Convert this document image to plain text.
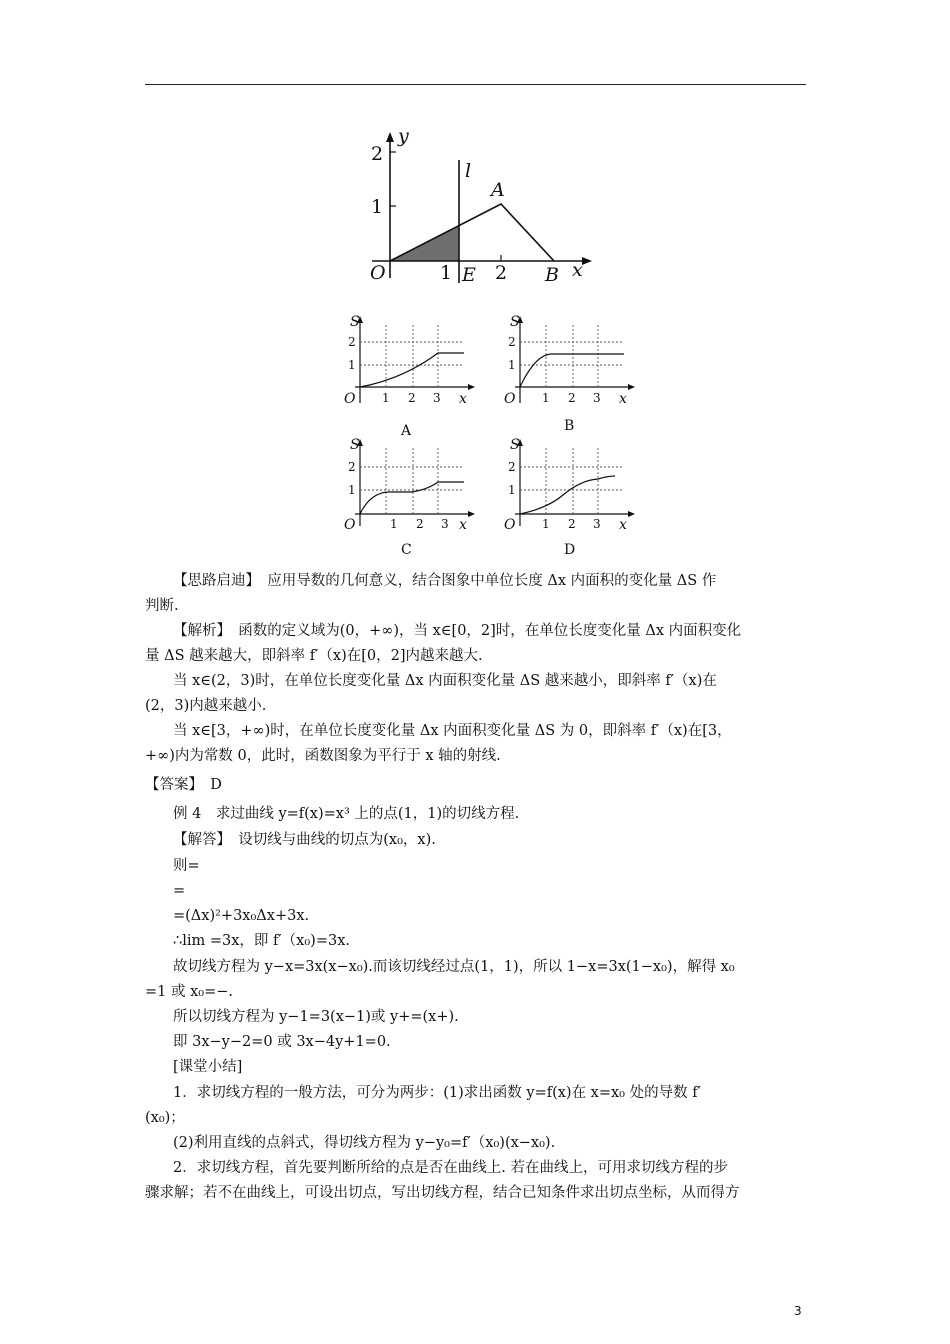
y
l
A
O	E	B x
2
1
1 2
S
2
1
O 1 2 3 x
A
S
2
1
O 1 2 3 x
B
S
2
1
O	1 2 3 x
C
S
2
1
O 1 2 3 x
D
【思路启迪】　应用导数的几何意义，结合图象中单位长度 Δx 内面积的变化量 ΔS 作
判断.
【解析】　函数的定义域为(0，+∞)，当 x∈[0，2]时，在单位长度变化量 Δx 内面积变化
量 ΔS 越来越大，即斜率 f′（x)在[0，2]内越来越大.
当 x∈(2，3)时，在单位长度变化量 Δx 内面积变化量 ΔS 越来越小，即斜率 f′（x)在
(2，3)内越来越小.
当 x∈[3，+∞)时，在单位长度变化量 Δx 内面积变化量 ΔS 为 0，即斜率 f′（x)在[3，
+∞)内为常数 0，此时，函数图象为平行于 x 轴的射线.
【答案】　D
例 4　求过曲线 y=f(x)=x³ 上的点(1，1)的切线方程.
【解答】　设切线与曲线的切点为(x₀，x).
则=
=
=(Δx)²+3x₀Δx+3x.
∴lim =3x，即 f′（x₀)=3x.
故切线方程为 y−x=3x(x−x₀).而该切线经过点(1，1)，所以 1−x=3x(1−x₀)，解得 x₀
=1 或 x₀=−.
所以切线方程为 y−1=3(x−1)或 y+=(x+).
即 3x−y−2=0 或 3x−4y+1=0.
[课堂小结]
1．求切线方程的一般方法，可分为两步：(1)求出函数 y=f(x)在 x=x₀ 处的导数 f′
(x₀)；
(2)利用直线的点斜式，得切线方程为 y−y₀=f′（x₀)(x−x₀).
2．求切线方程，首先要判断所给的点是否在曲线上. 若在曲线上，可用求切线方程的步
骤求解；若不在曲线上，可设出切点，写出切线方程，结合已知条件求出切点坐标，从而得方
3
